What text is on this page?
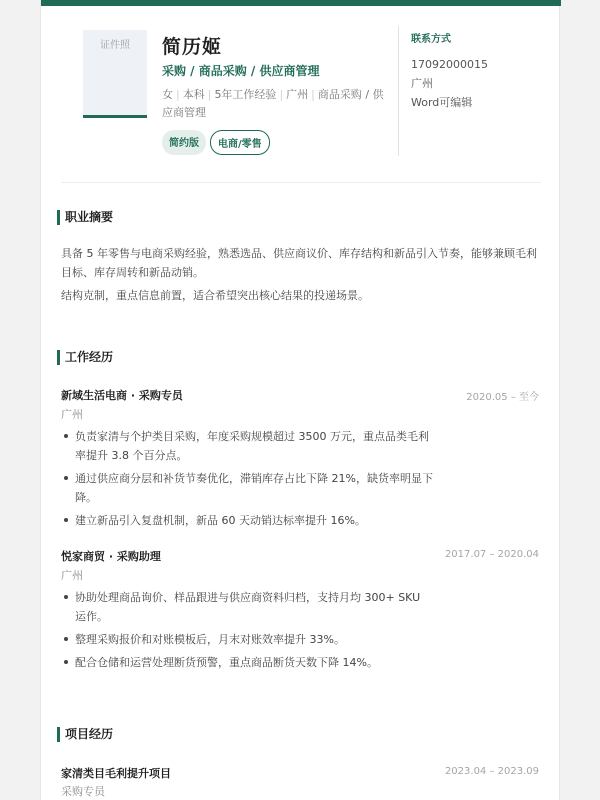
证件照	简历姬
采购 / 商品采购 / 供应商管理
女 | 本科 | 5年工作经验 | 广州 | 商品采购 / 供应商管理
简约版	电商/零售
联系方式
17092000015
广州
Word可编辑
职业摘要

具备 5 年零售与电商采购经验，熟悉选品、供应商议价、库存结构和新品引入节奏，能够兼顾毛利目标、库存周转和新品动销。

结构克制，重点信息前置，适合希望突出核心结果的投递场景。

工作经历
新域生活电商 · 采购专员	2020.05 – 至今
广州
负责家清与个护类目采购，年度采购规模超过 3500 万元，重点品类毛利率提升 3.8 个百分点。
通过供应商分层和补货节奏优化，滞销库存占比下降 21%，缺货率明显下降。
建立新品引入复盘机制，新品 60 天动销达标率提升 16%。
悦家商贸 · 采购助理	2017.07 – 2020.04
广州
协助处理商品询价、样品跟进与供应商资料归档，支持月均 300+ SKU 运作。
整理采购报价和对账模板后，月末对账效率提升 33%。
配合仓储和运营处理断货预警，重点商品断货天数下降 14%。
项目经历
家清类目毛利提升项目	2023.04 – 2023.09
采购专员
